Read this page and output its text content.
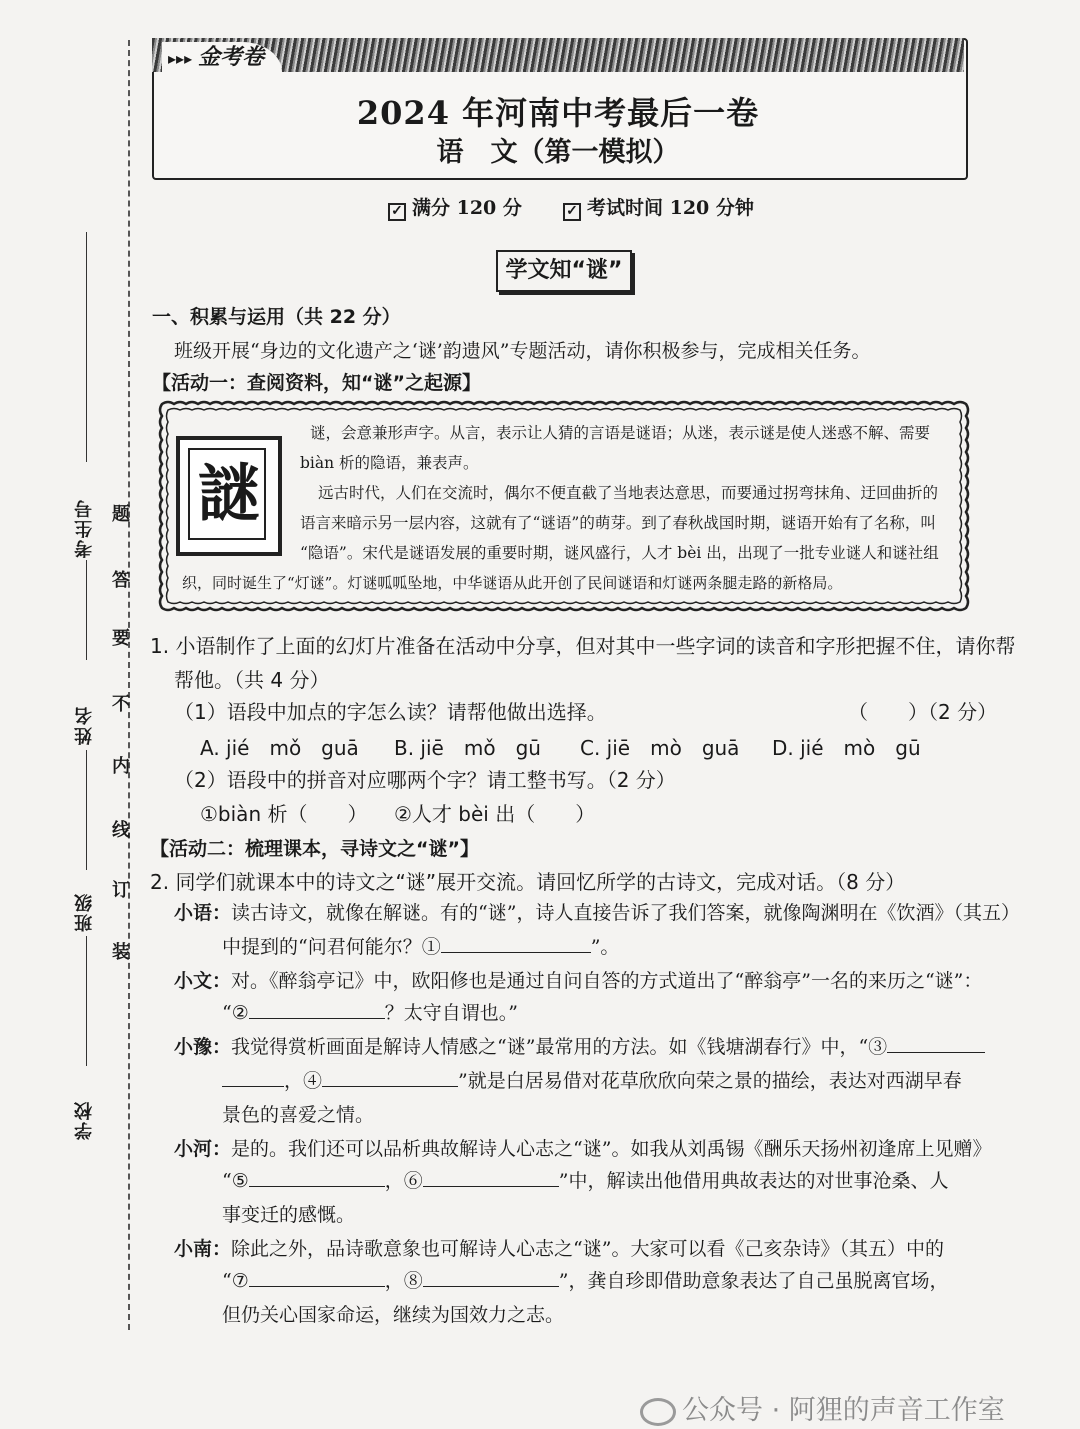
考生号
姓名
班级
学校
题
答
要
不
内
线
订
装
▸▸▸ 金考卷
2024 年河南中考最后一卷
语　文（第一模拟）
✓ 满分 120 分	✓ 考试时间 120 分钟
学文知“谜”
一、积累与运用（共 22 分）
班级开展“身边的文化遗产之‘谜’韵遗风”专题活动，请你积极参与，完成相关任务。
【活动一：查阅资料，知“谜”之起源】
謎
谜，会意兼形声字。从言，表示让人猜的言语是谜语；从迷，表示谜是使人迷惑不解、需要
biàn 析的隐语，兼表声。
远古时代，人们在交流时，偶尔不便直截了当地表达意思，而要通过拐弯抹角、迂回曲折的
语言来暗示另一层内容，这就有了“谜语”的萌芽。到了春秋战国时期，谜语开始有了名称，叫
“隐语”。宋代是谜语发展的重要时期，谜风盛行，人才 bèi 出，出现了一批专业谜人和谜社组
织，同时诞生了“灯谜”。灯谜呱呱坠地，中华谜语从此开创了民间谜语和灯谜两条腿走路的新格局。
1. 小语制作了上面的幻灯片准备在活动中分享，但对其中一些字词的读音和字形把握不住，请你帮
帮他。（共 4 分）
（1）语段中加点的字怎么读？请帮他做出选择。	（　　）（2 分）
A. jié　mǒ　guā B. jiē　mǒ　gū C. jiē　mò　guā D. jié　mò　gū
（2）语段中的拼音对应哪两个字？请工整书写。（2 分）
①biàn 析（　　） ②人才 bèi 出（　　）
【活动二：梳理课本，寻诗文之“谜”】
2. 同学们就课本中的诗文之“谜”展开交流。请回忆所学的古诗文，完成对话。（8 分）
小语：读古诗文，就像在解谜。有的“谜”，诗人直接告诉了我们答案，就像陶渊明在《饮酒》（其五）
中提到的“问君何能尔？①	”。
小文：对。《醉翁亭记》中，欧阳修也是通过自问自答的方式道出了“醉翁亭”一名的来历之“谜”：
“②	？太守自谓也。”
小豫：我觉得赏析画面是解诗人情感之“谜”最常用的方法。如《钱塘湖春行》中，“③
，④	”就是白居易借对花草欣欣向荣之景的描绘，表达对西湖早春
景色的喜爱之情。
小河：是的。我们还可以品析典故解诗人心志之“谜”。如我从刘禹锡《酬乐天扬州初逢席上见赠》
“⑤	，⑥	”中，解读出他借用典故表达的对世事沧桑、人
事变迁的感慨。
小南：除此之外，品诗歌意象也可解诗人心志之“谜”。大家可以看《己亥杂诗》（其五）中的
“⑦	，⑧	”，龚自珍即借助意象表达了自己虽脱离官场，
但仍关心国家命运，继续为国效力之志。
公众号 · 阿狸的声音工作室
